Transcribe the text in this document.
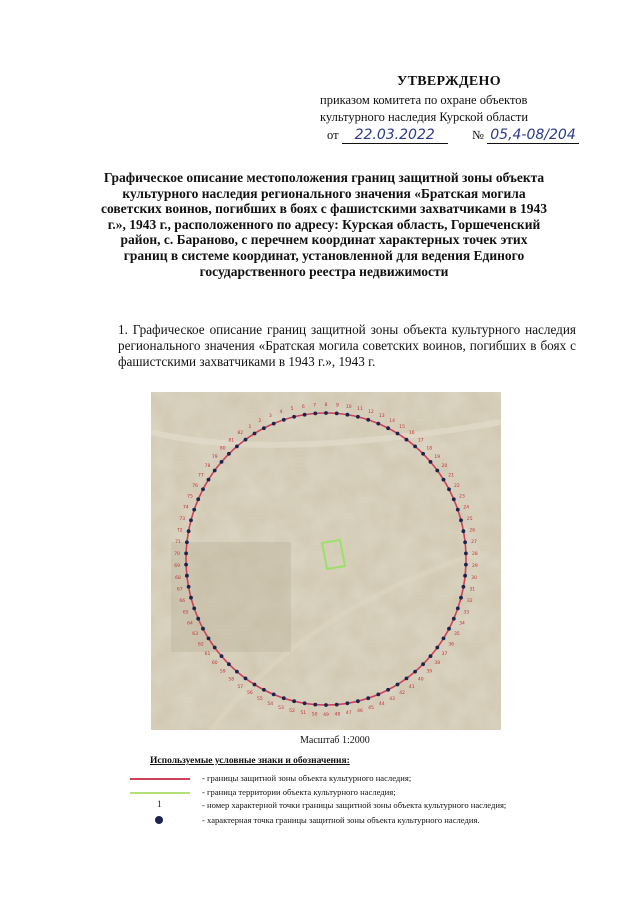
УТВЕРЖДЕНО
приказом комитета по охране объектов
культурного наследия Курской области
от 22.03.2022	№ 05,4-08/204
Графическое описание местоположения границ защитной зоны объекта культурного наследия регионального значения «Братская могила советских воинов, погибших в боях с фашистскими захватчиками в 1943 г.», 1943 г., расположенного по адресу: Курская область, Горшеченский район, с. Бараново, с перечнем координат характерных точек этих границ в системе координат, установленной для ведения Единого государственного реестра недвижимости
1. Графическое описание границ защитной зоны объекта культурного наследия регионального значения «Братская могила советских воинов, погибших в боях с фашистскими захватчиками в 1943 г.», 1943 г.
8 9 10 11
12
13
14
15
16
17
18
19
20
21
22
23
24
25
26
27
28
29
30
31
32
33
34
35
36
37
38
39
40
41
42
43
44
45
46
47
48
49
50
51
52
53
54
55
56
57
58
59
60
61
62
63
64
65
66
67
68
69
70
71
72
73
74
75
76
77
78
79
80
81
82
1
2
3
4
5 6 7
Масштаб 1:2000
Используемые условные знаки и обозначения:
- границы защитной зоны объекта культурного наследия;
- граница территории объекта культурного наследия;
1	- номер характерной точки границы защитной зоны объекта культурного наследия;
- характерная точка границы защитной зоны объекта культурного наследия.
